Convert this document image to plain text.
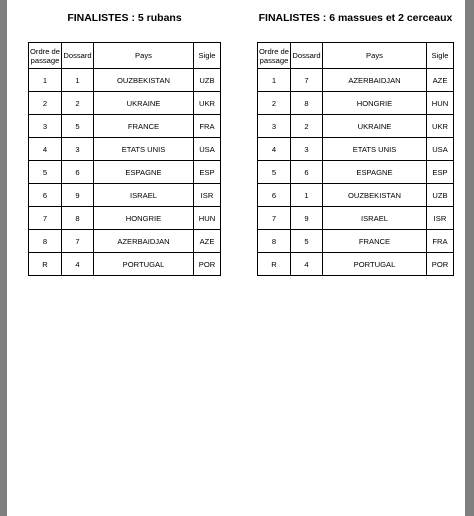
FINALISTES : 5 rubans
Ordre de passage	Dossard	Pays	Sigle
1	1	OUZBEKISTAN	UZB
2	2	UKRAINE	UKR
3	5	FRANCE	FRA
4	3	ETATS UNIS	USA
5	6	ESPAGNE	ESP
6	9	ISRAEL	ISR
7	8	HONGRIE	HUN
8	7	AZERBAIDJAN	AZE
R	4	PORTUGAL	POR
FINALISTES : 6 massues et 2 cerceaux
Ordre de passage	Dossard	Pays	Sigle
1	7	AZERBAIDJAN	AZE
2	8	HONGRIE	HUN
3	2	UKRAINE	UKR
4	3	ETATS UNIS	USA
5	6	ESPAGNE	ESP
6	1	OUZBEKISTAN	UZB
7	9	ISRAEL	ISR
8	5	FRANCE	FRA
R	4	PORTUGAL	POR
